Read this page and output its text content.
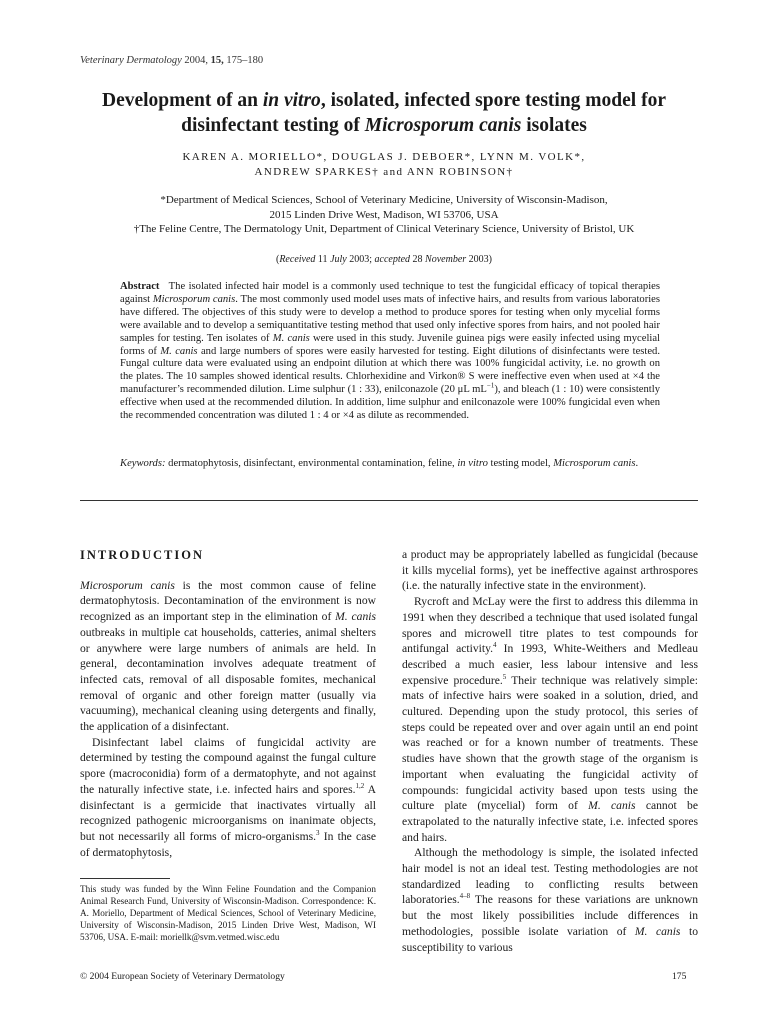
Veterinary Dermatology 2004, 15, 175–180
Development of an in vitro, isolated, infected spore testing model for disinfectant testing of Microsporum canis isolates
KAREN A. MORIELLO*, DOUGLAS J. DEBOER*, LYNN M. VOLK*,
ANDREW SPARKES† and ANN ROBINSON†
*Department of Medical Sciences, School of Veterinary Medicine, University of Wisconsin-Madison,
2015 Linden Drive West, Madison, WI 53706, USA
†The Feline Centre, The Dermatology Unit, Department of Clinical Veterinary Science, University of Bristol, UK
(Received 11 July 2003; accepted 28 November 2003)
Abstract The isolated infected hair model is a commonly used technique to test the fungicidal efficacy of topical therapies against Microsporum canis. The most commonly used model uses mats of infective hairs, and results from various laboratories have differed. The objectives of this study were to develop a method to produce spores for testing when only mycelial forms were available and to develop a semiquantitative testing method that used only infective spores from hairs, and not pooled hair samples for testing. Ten isolates of M. canis were used in this study. Juvenile guinea pigs were easily infected using mycelial forms of M. canis and large numbers of spores were easily harvested for testing. Eight dilutions of disinfectants were tested. Fungal culture data were evaluated using an endpoint dilution at which there was 100% fungicidal activity, i.e. no growth on the plates. The 10 samples showed identical results. Chlorhexidine and Virkon® S were ineffective even when used at ×4 the manufacturer’s recommended dilution. Lime sulphur (1 : 33), enilconazole (20 μL $mL^{-1}$), and bleach (1 : 10) were consistently effective when used at the recommended dilution. In addition, lime sulphur and enilconazole were 100% fungicidal even when the recommended concentration was diluted 1 : 4 or ×4 as dilute as recommended.
Keywords: dermatophytosis, disinfectant, environmental contamination, feline, in vitro testing model, Microsporum canis.
INTRODUCTION

Microsporum canis is the most common cause of feline dermatophytosis. Decontamination of the environment is now recognized as an important step in the elimination of M. canis outbreaks in multiple cat households, catteries, animal shelters or anywhere were large numbers of animals are held. In general, decontamination involves adequate treatment of infected cats, removal of all disposable fomites, mechanical removal of organic and other foreign matter (usually via vacuuming), mechanical cleaning using detergents and finally, the application of a disinfectant.

Disinfectant label claims of fungicidal activity are determined by testing the compound against the fungal culture spore (macroconidia) form of a dermatophyte, and not against the naturally infective state, i.e. infected hairs and spores.$^{1,2}$ A disinfectant is a germicide that inactivates virtually all recognized pathogenic microorganisms on inanimate objects, but not necessarily all forms of micro-organisms.$^3$ In the case of dermatophytosis,

a product may be appropriately labelled as fungicidal (because it kills mycelial forms), yet be ineffective against arthrospores (i.e. the naturally infective state in the environment).

Rycroft and McLay were the first to address this dilemma in 1991 when they described a technique that used isolated fungal spores and microwell titre plates to test compounds for antifungal activity.$^4$ In 1993, White-Weithers and Medleau described a much easier, less labour intensive and less expensive procedure.$^5$ Their technique was relatively simple: mats of infective hairs were soaked in a solution, dried, and cultured. Depending upon the study protocol, this series of steps could be repeated over and over again until an end point was reached or for a known number of treatments. These studies have shown that the growth stage of the organism is important when evaluating the fungicidal activity of compounds: fungicidal activity based upon tests using the culture plate (mycelial) form of M. canis cannot be extrapolated to the naturally infective state, i.e. infected spores and hairs.

Although the methodology is simple, the isolated infected hair model is not an ideal test. Testing methodologies are not standardized leading to conflicting results between laboratories.$^{4-8}$ The reasons for these variations are unknown but the most likely possibilities include differences in methodologies, possible isolate variation of M. canis to susceptibility to various

This study was funded by the Winn Feline Foundation and the Companion Animal Research Fund, University of Wisconsin-Madison. Correspondence: K. A. Moriello, Department of Medical Sciences, School of Veterinary Medicine, University of Wisconsin-Madison, 2015 Linden Drive West, Madison, WI 53706, USA. E-mail: moriellk@svm.vetmed.wisc.edu
© 2004 European Society of Veterinary Dermatology	175
